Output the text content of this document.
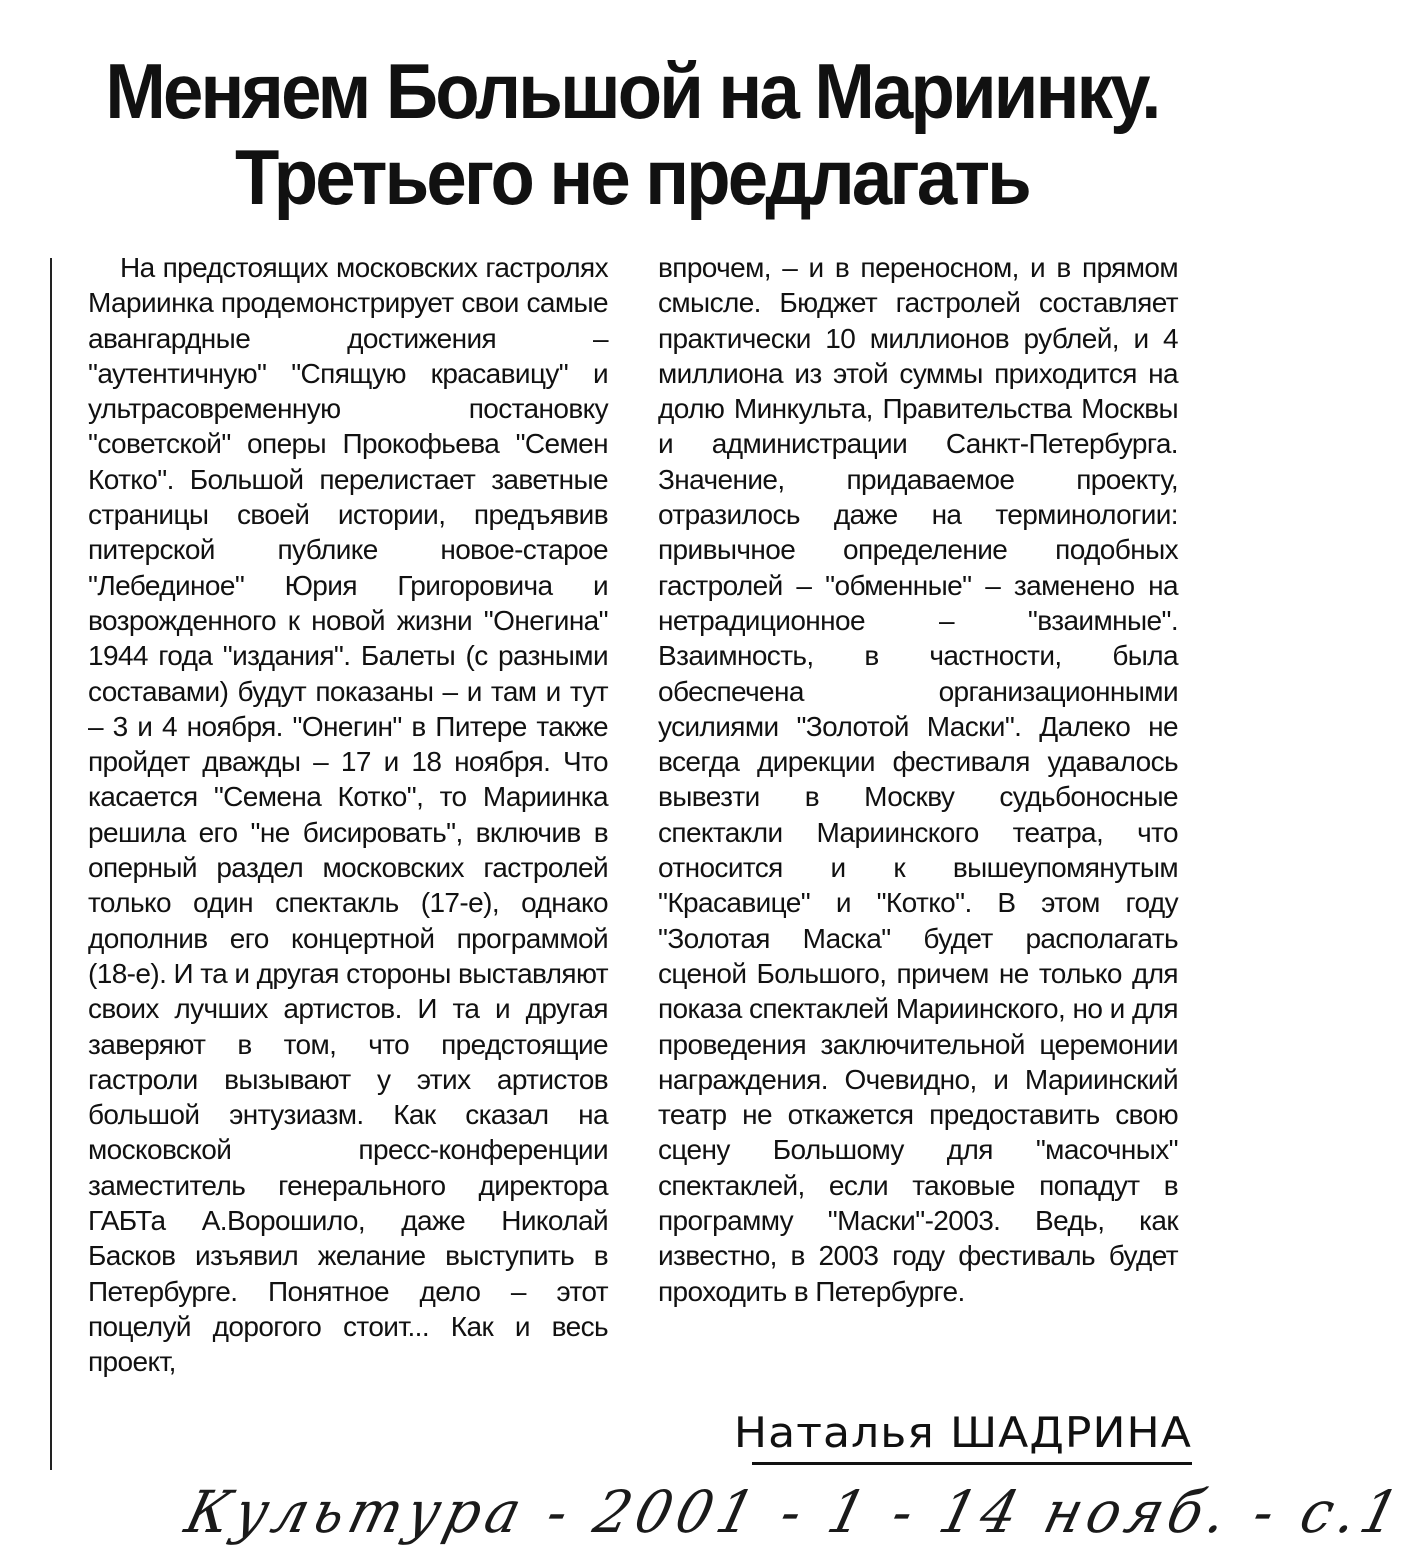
Меняем Большой на Мариинку.
Третьего не предлагать

На предстоящих московских гастролях Мариинка продемонстрирует свои самые авангардные достижения – "аутентичную" "Спящую красавицу" и ультрасовременную постановку "советской" оперы Прокофьева "Семен Котко". Большой перелистает заветные страницы своей истории, предъявив питерской публике новое-старое "Лебединое" Юрия Григоровича и возрожденного к новой жизни "Онегина" 1944 года "издания". Балеты (с разными составами) будут показаны – и там и тут – 3 и 4 ноября. "Онегин" в Питере также пройдет дважды – 17 и 18 ноября. Что касается "Семена Котко", то Мариинка решила его "не бисировать", включив в оперный раздел московских гастролей только один спектакль (17-е), однако дополнив его концертной программой (18-е). И та и другая стороны выставляют своих лучших артистов. И та и другая заверяют в том, что предстоящие гастроли вызывают у этих артистов большой энтузиазм. Как сказал на московской пресс-конференции заместитель генерального директора ГАБТа А.Ворошило, даже Николай Басков изъявил желание выступить в Петербурге. Понятное дело – этот поцелуй дорогого стоит... Как и весь проект,

впрочем, – и в переносном, и в прямом смысле. Бюджет гастролей составляет практически 10 миллионов рублей, и 4 миллиона из этой суммы приходится на долю Минкульта, Правительства Москвы и администрации Санкт-Петербурга. Значение, придаваемое проекту, отразилось даже на терминологии: привычное определение подобных гастролей – "обменные" – заменено на нетрадиционное – "взаимные". Взаимность, в частности, была обеспечена организационными усилиями "Золотой Маски". Далеко не всегда дирекции фестиваля удавалось вывезти в Москву судьбоносные спектакли Мариинского театра, что относится и к вышеупомянутым "Красавице" и "Котко". В этом году "Золотая Маска" будет располагать сценой Большого, причем не только для показа спектаклей Мариинского, но и для проведения заключительной церемонии награждения. Очевидно, и Мариинский театр не откажется предоставить свою сцену Большому для "масочных" спектаклей, если таковые попадут в программу "Маски"-2003. Ведь, как известно, в 2003 году фестиваль будет проходить в Петербурге.

Наталья ШАДРИНА
Культура - 2001 - 1 - 14 нояб. - с.1
